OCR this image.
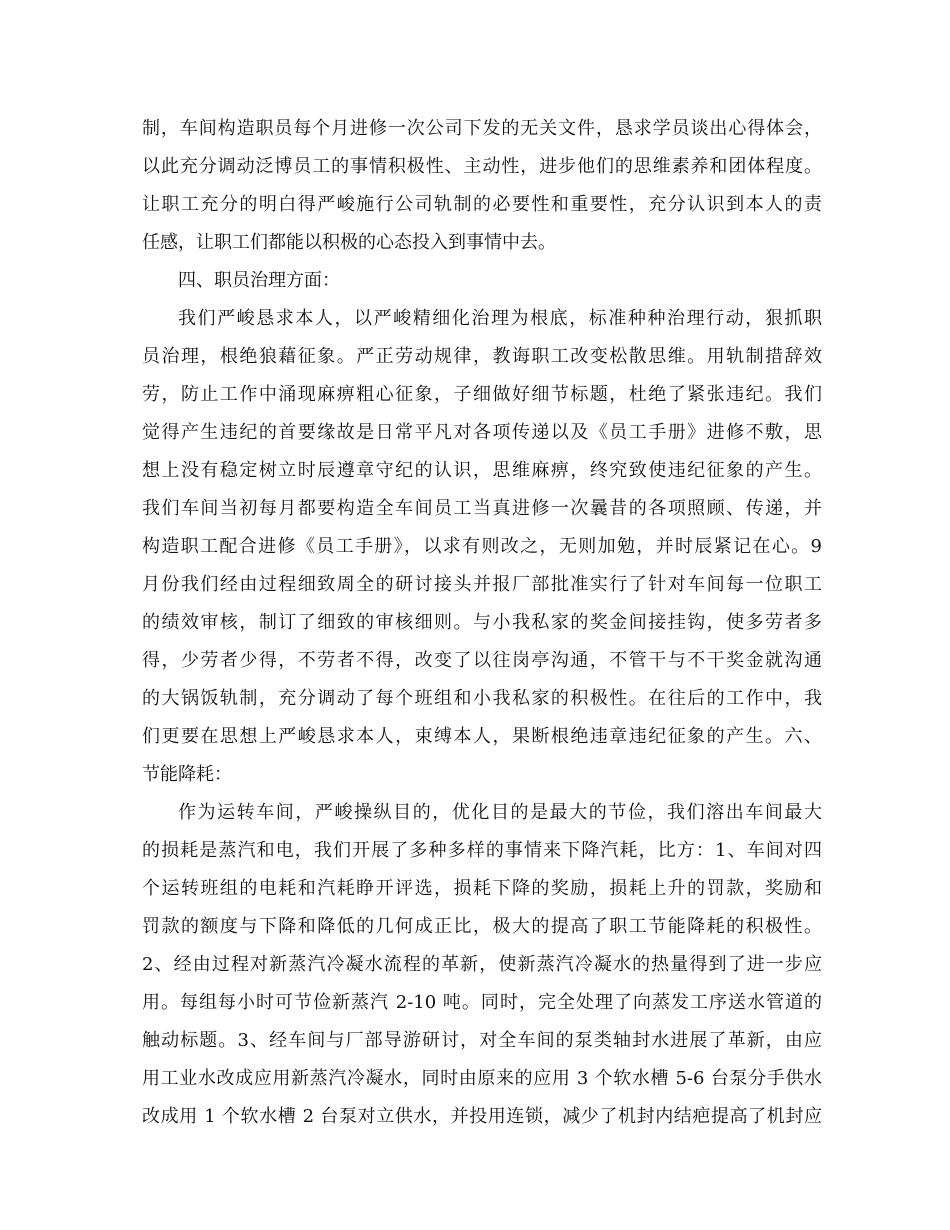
制，车间构造职员每个月进修一次公司下发的无关文件，恳求学员谈出心得体会，
以此充分调动泛博员工的事情积极性、主动性，进步他们的思维素养和团体程度。
让职工充分的明白得严峻施行公司轨制的必要性和重要性，充分认识到本人的责
任感，让职工们都能以积极的心态投入到事情中去。
四、职员治理方面：
我们严峻恳求本人，以严峻精细化治理为根底，标准种种治理行动，狠抓职
员治理，根绝狼藉征象。严正劳动规律，教诲职工改变松散思维。用轨制措辞效
劳，防止工作中涌现麻痹粗心征象，子细做好细节标题，杜绝了紧张违纪。我们
觉得产生违纪的首要缘故是日常平凡对各项传递以及《员工手册》进修不敷，思
想上没有稳定树立时辰遵章守纪的认识，思维麻痹，终究致使违纪征象的产生。
我们车间当初每月都要构造全车间员工当真进修一次曩昔的各项照顾、传递，并
构造职工配合进修《员工手册》，以求有则改之，无则加勉，并时辰紧记在心。9
月份我们经由过程细致周全的研讨接头并报厂部批准实行了针对车间每一位职工
的绩效审核，制订了细致的审核细则。与小我私家的奖金间接挂钩，使多劳者多
得，少劳者少得，不劳者不得，改变了以往岗亭沟通，不管干与不干奖金就沟通
的大锅饭轨制，充分调动了每个班组和小我私家的积极性。在往后的工作中，我
们更要在思想上严峻恳求本人，束缚本人，果断根绝违章违纪征象的产生。六、
节能降耗：
作为运转车间，严峻操纵目的，优化目的是最大的节俭，我们溶出车间最大
的损耗是蒸汽和电，我们开展了多种多样的事情来下降汽耗，比方：1、车间对四
个运转班组的电耗和汽耗睁开评选，损耗下降的奖励，损耗上升的罚款，奖励和
罚款的额度与下降和降低的几何成正比，极大的提高了职工节能降耗的积极性。
2、经由过程对新蒸汽冷凝水流程的革新，使新蒸汽冷凝水的热量得到了进一步应
用。每组每小时可节俭新蒸汽 2-10 吨。同时，完全处理了向蒸发工序送水管道的
触动标题。3、经车间与厂部导游研讨，对全车间的泵类轴封水进展了革新，由应
用工业水改成应用新蒸汽冷凝水，同时由原来的应用 3 个软水槽 5-6 台泵分手供水
改成用 1 个软水槽 2 台泵对立供水，并投用连锁，减少了机封内结疤提高了机封应
